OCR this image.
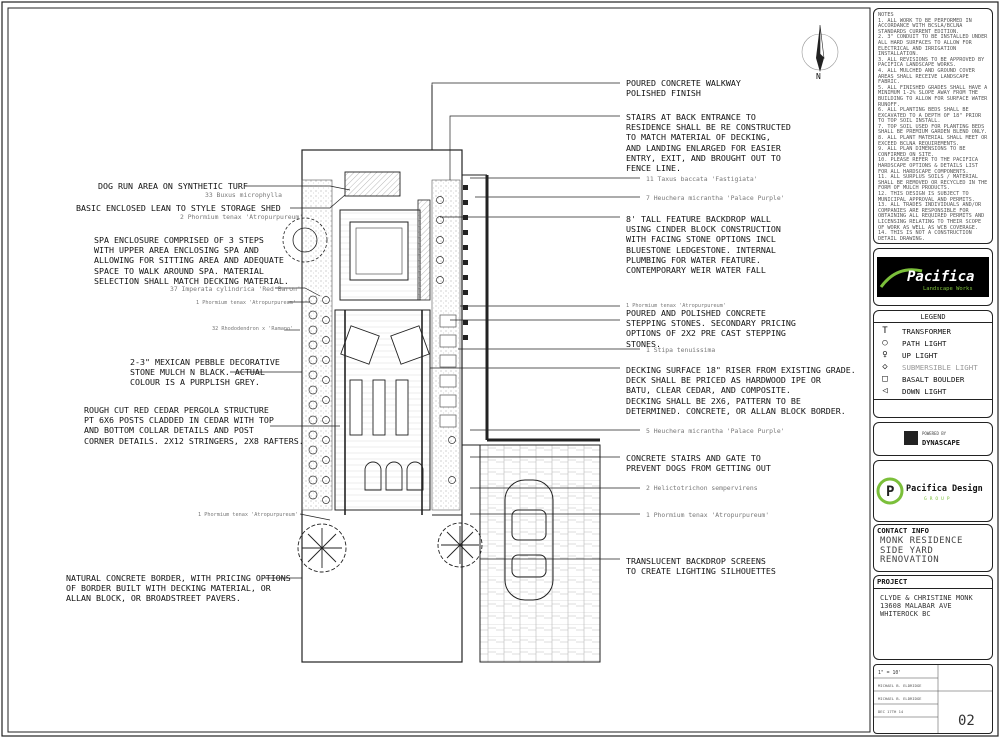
DOG RUN AREA ON SYNTHETIC TURF
33 Buxus microphylla
BASIC ENCLOSED LEAN TO STYLE STORAGE SHED
2 Phormium tenax 'Atropurpureum'
SPA ENCLOSURE COMPRISED OF 3 STEPS
WITH UPPER AREA ENCLOSING SPA AND
ALLOWING FOR SITTING AREA AND ADEQUATE
SPACE TO WALK AROUND SPA. MATERIAL
SELECTION SHALL MATCH DECKING MATERIAL.
37 Imperata cylindrica 'Red Baron'
1 Phormium tenax 'Atropurpureum'
32 Rhododendron x 'Ramapo'
2-3" MEXICAN PEBBLE DECORATIVE
STONE MULCH N BLACK. ACTUAL
COLOUR IS A PURPLISH GREY.
ROUGH CUT RED CEDAR PERGOLA STRUCTURE
PT 6X6 POSTS CLADDED IN CEDAR WITH TOP
AND BOTTOM COLLAR DETAILS AND POST
CORNER DETAILS. 2X12 STRINGERS, 2X8 RAFTERS.
1 Phormium tenax 'Atropurpureum'
NATURAL CONCRETE BORDER, WITH PRICING OPTIONS
OF BORDER BUILT WITH DECKING MATERIAL, OR
ALLAN BLOCK, OR BROADSTREET PAVERS.
POURED CONCRETE WALKWAY
POLISHED FINISH
STAIRS AT BACK ENTRANCE TO
RESIDENCE SHALL BE RE CONSTRUCTED
TO MATCH MATERIAL OF DECKING,
AND LANDING ENLARGED FOR EASIER
ENTRY, EXIT, AND BROUGHT OUT TO
FENCE LINE.
11 Taxus baccata 'Fastigiata'
7 Heuchera micrantha 'Palace Purple'
8' TALL FEATURE BACKDROP WALL
USING CINDER BLOCK CONSTRUCTION
WITH FACING STONE OPTIONS INCL
BLUESTONE LEDGESTONE. INTERNAL
PLUMBING FOR WATER FEATURE.
CONTEMPORARY WEIR WATER FALL
1 Phormium tenax 'Atropurpureum'
POURED AND POLISHED CONCRETE
STEPPING STONES. SECONDARY PRICING
OPTIONS OF 2X2 PRE CAST STEPPING
STONES.
1 Stipa tenuissima
DECKING SURFACE 18" RISER FROM EXISTING GRADE.
DECK SHALL BE PRICED AS HARDWOOD IPE OR
BATU, CLEAR CEDAR, AND COMPOSITE.
DECKING SHALL BE 2X6, PATTERN TO BE
DETERMINED. CONCRETE, OR ALLAN BLOCK BORDER.
5 Heuchera micrantha 'Palace Purple'
CONCRETE STAIRS AND GATE TO
PREVENT DOGS FROM GETTING OUT
2 Helictotrichon sempervirens
1 Phormium tenax 'Atropurpureum'
TRANSLUCENT BACKDROP SCREENS
TO CREATE LIGHTING SILHOUETTES
N
NOTES
1. ALL WORK TO BE PERFORMED IN ACCORDANCE WITH BCSLA/BCLNA STANDARDS CURRENT EDITION.
2. 3" CONDUIT TO BE INSTALLED UNDER ALL HARD SURFACES TO ALLOW FOR ELECTRICAL AND IRRIGATION INSTALLATION.
3. ALL REVISIONS TO BE APPROVED BY PACIFICA LANDSCAPE WORKS.
4. ALL MULCHED AND GROUND COVER AREAS SHALL RECEIVE LANDSCAPE FABRIC.
5. ALL FINISHED GRADES SHALL HAVE A MINIMUM 1-2% SLOPE AWAY FROM THE BUILDING TO ALLOW FOR SURFACE WATER RUNOFF.
6. ALL PLANTING BEDS SHALL BE EXCAVATED TO A DEPTH OF 18" PRIOR TO TOP SOIL INSTALL.
7. TOP SOIL USED FOR PLANTING BEDS SHALL BE PREMIUM GARDEN BLEND ONLY.
8. ALL PLANT MATERIAL SHALL MEET OR EXCEED BCLNA REQUIREMENTS.
9. ALL PLAN DIMENSIONS TO BE CONFIRMED ON SITE.
10. PLEASE REFER TO THE PACIFICA HARDSCAPE OPTIONS & DETAILS LIST FOR ALL HARDSCAPE COMPONENTS.
11. ALL SURPLUS SOILS / MATERIAL SHALL BE REMOVED OR RECYCLED IN THE FORM OF MULCH PRODUCTS.
12. THIS DESIGN IS SUBJECT TO MUNICIPAL APPROVAL AND PERMITS.
13. ALL TRADES INDIVIDUALS AND/OR COMPANIES ARE RESPONSIBLE FOR OBTAINING ALL REQUIRED PERMITS AND LICENSING RELATING TO THEIR SCOPE OF WORK AS WELL AS WCB COVERAGE.
14. THIS IS NOT A CONSTRUCTION DETAIL DRAWING.
Pacifica
Landscape Works
LEGEND
T	TRANSFORMER
○	PATH LIGHT
♀	UP LIGHT
◇	SUBMERSIBLE LIGHT
□	BASALT BOULDER
◁	DOWN LIGHT
POWERED BY
DYNASCAPE
P Pacifica Design
GROUP
CONTACT INFO
MONK RESIDENCE
SIDE YARD
RENOVATION
PROJECT
CLYDE & CHRISTINE MONK
13608 MALABAR AVE
WHITEROCK BC
1" = 10'
MICHAEL B. ELDRIDGE
MICHAEL B. ELDRIDGE
DEC 17TH 14
02
